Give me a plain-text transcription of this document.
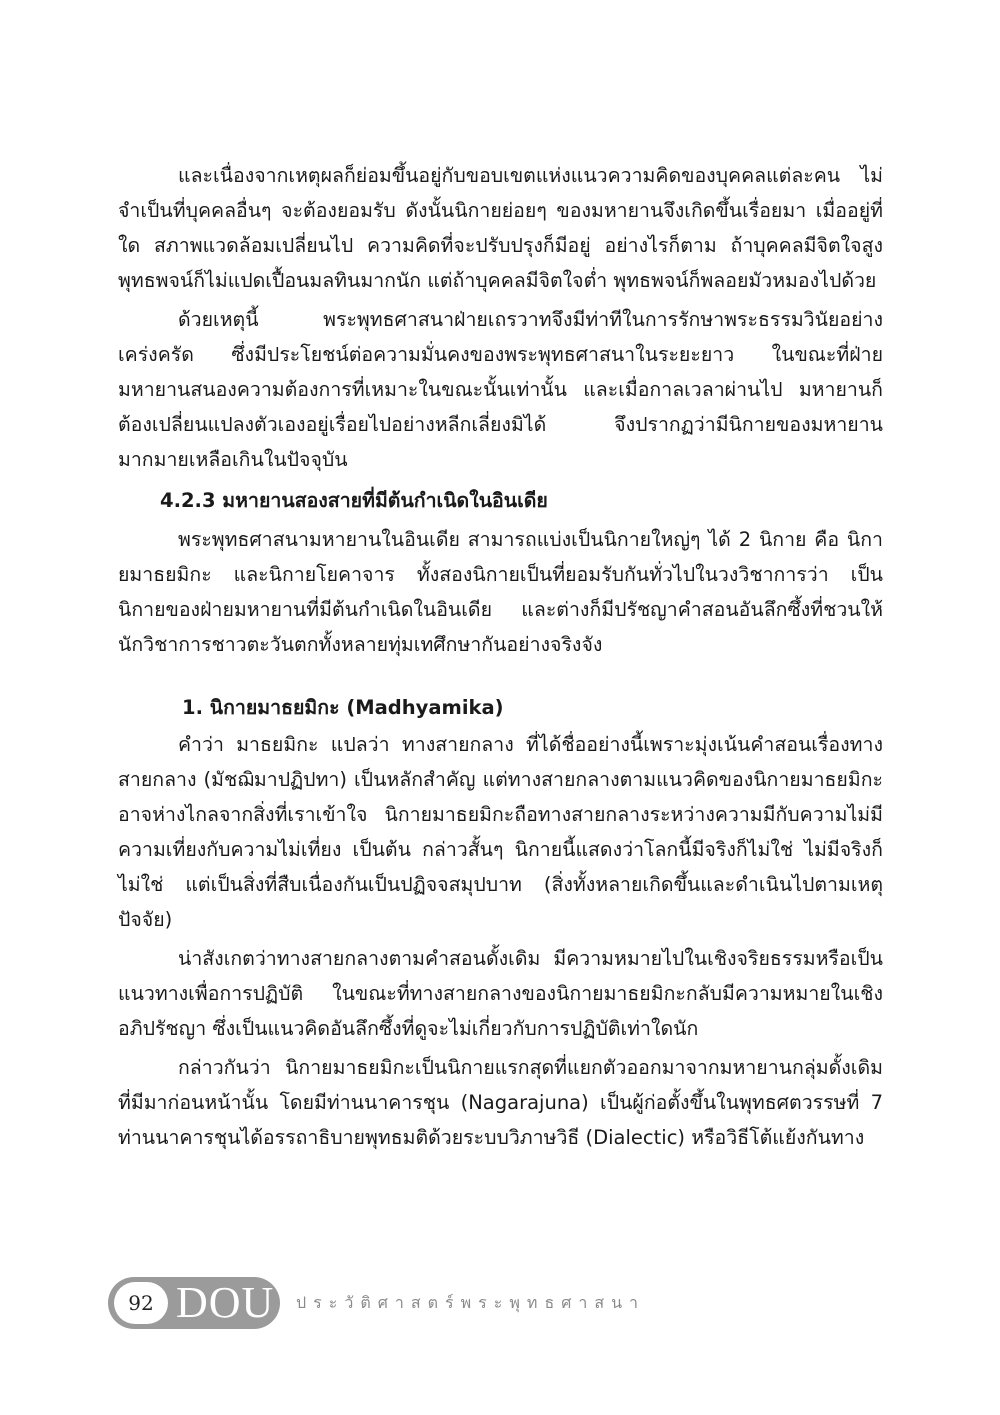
และเนื่องจากเหตุผลก็ย่อมขึ้นอยู่กับขอบเขตแห่งแนวความคิดของบุคคลแต่ละคน ไม่จำเป็นที่บุคคลอื่นๆ จะต้องยอมรับ ดังนั้นนิกายย่อยๆ ของมหายานจึงเกิดขึ้นเรื่อยมา เมื่ออยู่ที่ใด สภาพแวดล้อมเปลี่ยนไป ความคิดที่จะปรับปรุงก็มีอยู่ อย่างไรก็ตาม ถ้าบุคคลมีจิตใจสูง พุทธพจน์ก็ไม่แปดเปื้อนมลทินมากนัก แต่ถ้าบุคคลมีจิตใจต่ำ พุทธพจน์ก็พลอยมัวหมองไปด้วย

ด้วยเหตุนี้ พระพุทธศาสนาฝ่ายเถรวาทจึงมีท่าทีในการรักษาพระธรรมวินัยอย่างเคร่งครัด ซึ่งมีประโยชน์ต่อความมั่นคงของพระพุทธศาสนาในระยะยาว ในขณะที่ฝ่ายมหายานสนองความต้องการที่เหมาะในขณะนั้นเท่านั้น และเมื่อกาลเวลาผ่านไป มหายานก็ต้องเปลี่ยนแปลงตัวเองอยู่เรื่อยไปอย่างหลีกเลี่ยงมิได้ จึงปรากฏว่ามีนิกายของมหายานมากมายเหลือเกินในปัจจุบัน

4.2.3 มหายานสองสายที่มีต้นกำเนิดในอินเดีย

พระพุทธศาสนามหายานในอินเดีย สามารถแบ่งเป็นนิกายใหญ่ๆ ได้ 2 นิกาย คือ นิกายมาธยมิกะ และนิกายโยคาจาร ทั้งสองนิกายเป็นที่ยอมรับกันทั่วไปในวงวิชาการว่า เป็นนิกายของฝ่ายมหายานที่มีต้นกำเนิดในอินเดีย และต่างก็มีปรัชญาคำสอนอันลึกซึ้งที่ชวนให้นักวิชาการชาวตะวันตกทั้งหลายทุ่มเทศึกษากันอย่างจริงจัง

1. นิกายมาธยมิกะ (Madhyamika)

คำว่า มาธยมิกะ แปลว่า ทางสายกลาง ที่ได้ชื่ออย่างนี้เพราะมุ่งเน้นคำสอนเรื่องทางสายกลาง (มัชฌิมาปฏิปทา) เป็นหลักสำคัญ แต่ทางสายกลางตามแนวคิดของนิกายมาธยมิกะอาจห่างไกลจากสิ่งที่เราเข้าใจ นิกายมาธยมิกะถือทางสายกลางระหว่างความมีกับความไม่มี ความเที่ยงกับความไม่เที่ยง เป็นต้น กล่าวสั้นๆ นิกายนี้แสดงว่าโลกนี้มีจริงก็ไม่ใช่ ไม่มีจริงก็ไม่ใช่ แต่เป็นสิ่งที่สืบเนื่องกันเป็นปฏิจจสมุปบาท (สิ่งทั้งหลายเกิดขึ้นและดำเนินไปตามเหตุปัจจัย)

น่าสังเกตว่าทางสายกลางตามคำสอนดั้งเดิม มีความหมายไปในเชิงจริยธรรมหรือเป็นแนวทางเพื่อการปฏิบัติ ในขณะที่ทางสายกลางของนิกายมาธยมิกะกลับมีความหมายในเชิงอภิปรัชญา ซึ่งเป็นแนวคิดอันลึกซึ้งที่ดูจะไม่เกี่ยวกับการปฏิบัติเท่าใดนัก

กล่าวกันว่า นิกายมาธยมิกะเป็นนิกายแรกสุดที่แยกตัวออกมาจากมหายานกลุ่มดั้งเดิมที่มีมาก่อนหน้านั้น โดยมีท่านนาคารชุน (Nagarajuna) เป็นผู้ก่อตั้งขึ้นในพุทธศตวรรษที่ 7 ท่านนาคารชุนได้อรรถาธิบายพุทธมติด้วยระบบวิภาษวิธี (Dialectic) หรือวิธีโต้แย้งกันทาง

92 DOU ประวัติศาสตร์พระพุทธศาสนา
